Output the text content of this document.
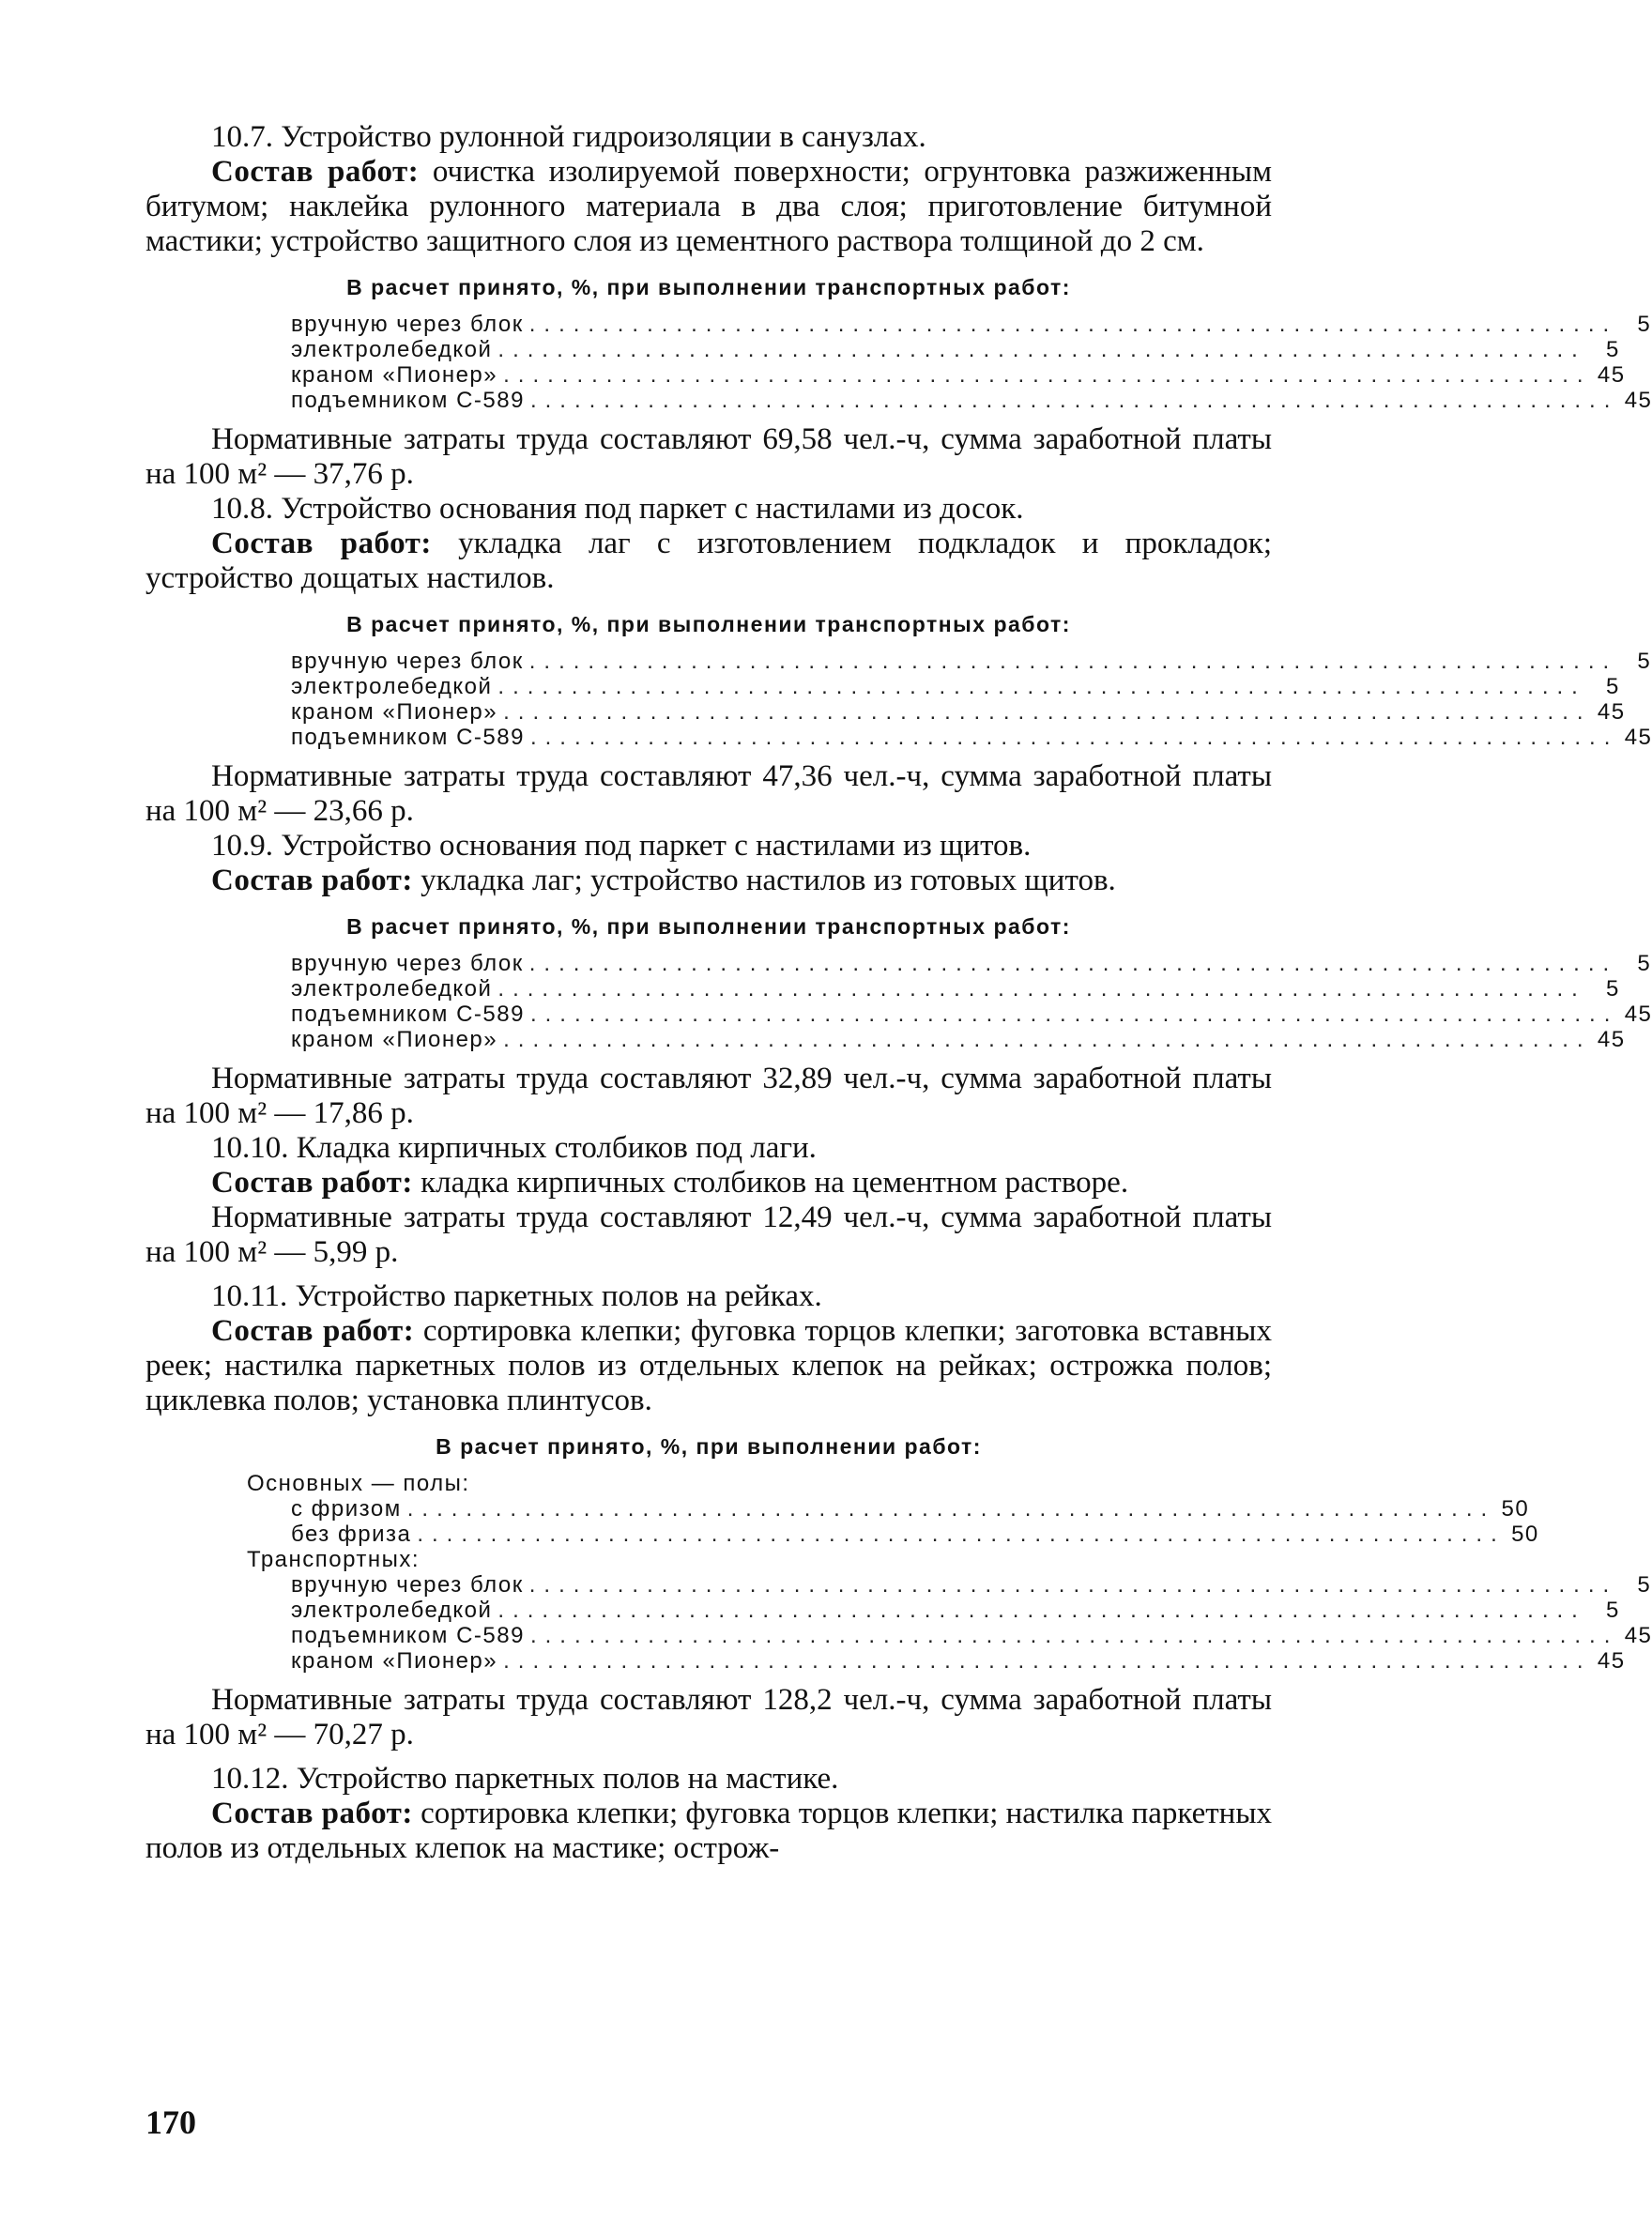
10.7. Устройство рулонной гидроизоляции в санузлах.

Состав работ: очистка изолируемой поверхности; огрунтовка разжиженным битумом; наклейка рулонного материала в два слоя; приготовление битумной мастики; устройство защитного слоя из цементного раствора толщиной до 2 см.

В расчет принято, %, при выполнении транспортных работ:
вручную через блок .......................................................................... 5
электролебедкой .......................................................................... 5
краном «Пионер» .......................................................................... 45
подъемником С-589 .......................................................................... 45

Нормативные затраты труда составляют 69,58 чел.-ч, сумма заработной платы на 100 м² — 37,76 р.

10.8. Устройство основания под паркет с настилами из досок.

Состав работ: укладка лаг с изготовлением подкладок и прокладок; устройство дощатых настилов.

В расчет принято, %, при выполнении транспортных работ:
вручную через блок .......................................................................... 5
электролебедкой .......................................................................... 5
краном «Пионер» .......................................................................... 45
подъемником С-589 .......................................................................... 45

Нормативные затраты труда составляют 47,36 чел.-ч, сумма заработной платы на 100 м² — 23,66 р.

10.9. Устройство основания под паркет с настилами из щитов.

Состав работ: укладка лаг; устройство настилов из готовых щитов.

В расчет принято, %, при выполнении транспортных работ:
вручную через блок .......................................................................... 5
электролебедкой .......................................................................... 5
подъемником С-589 .......................................................................... 45
краном «Пионер» .......................................................................... 45

Нормативные затраты труда составляют 32,89 чел.-ч, сумма заработной платы на 100 м² — 17,86 р.

10.10. Кладка кирпичных столбиков под лаги.

Состав работ: кладка кирпичных столбиков на цементном растворе.

Нормативные затраты труда составляют 12,49 чел.-ч, сумма заработной платы на 100 м² — 5,99 р.

10.11. Устройство паркетных полов на рейках.

Состав работ: сортировка клепки; фуговка торцов клепки; заготовка вставных реек; настилка паркетных полов из отдельных клепок на рейках; острожка полов; циклевка полов; установка плинтусов.

В расчет принято, %, при выполнении работ:
Основных — полы:
с фризом .......................................................................... 50
без фриза .......................................................................... 50
Транспортных:
вручную через блок .......................................................................... 5
электролебедкой .......................................................................... 5
подъемником С-589 .......................................................................... 45
краном «Пионер» .......................................................................... 45

Нормативные затраты труда составляют 128,2 чел.-ч, сумма заработной платы на 100 м² — 70,27 р.

10.12. Устройство паркетных полов на мастике.

Состав работ: сортировка клепки; фуговка торцов клепки; настилка паркетных полов из отдельных клепок на мастике; острож-

170
